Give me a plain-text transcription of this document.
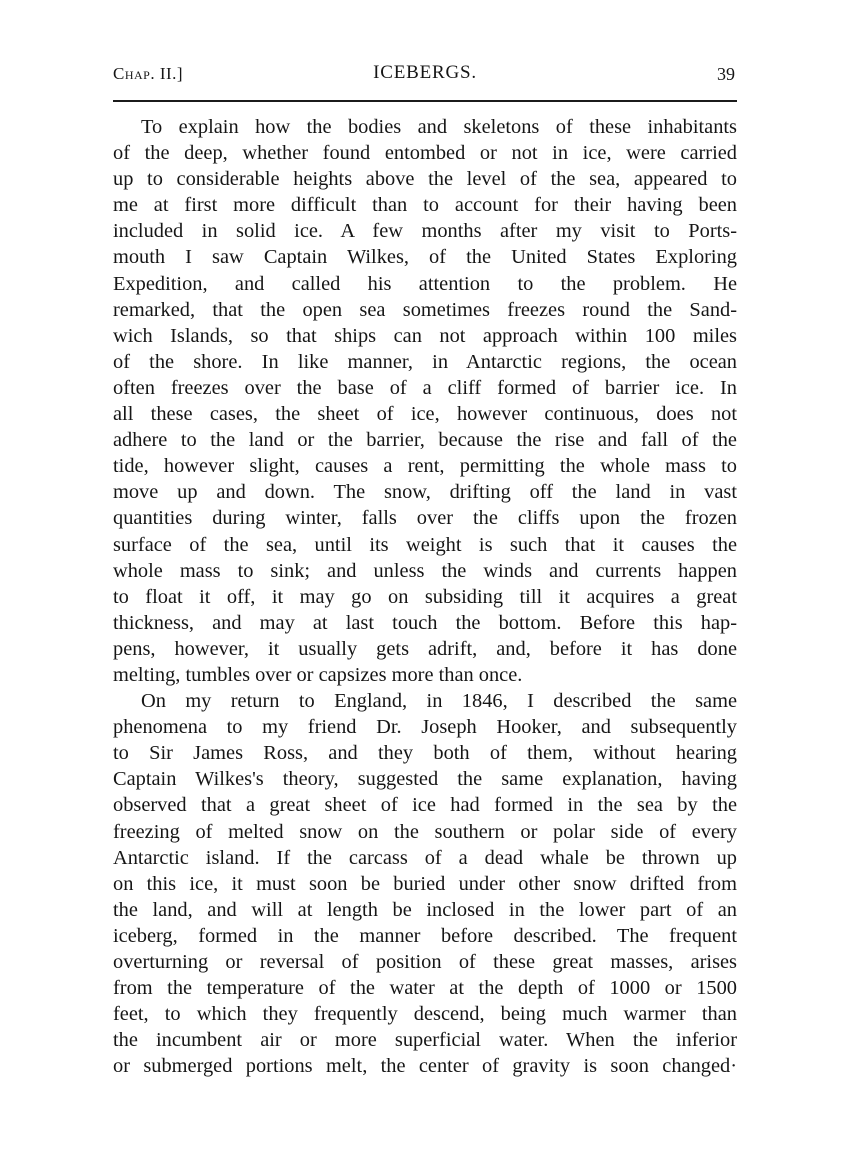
Chap. II.]	ICEBERGS.	39

To explain how the bodies and skeletons of these inhabitants
of the deep, whether found entombed or not in ice, were carried
up to considerable heights above the level of the sea, appeared to
me at first more difficult than to account for their having been
included in solid ice. A few months after my visit to Ports-
mouth I saw Captain Wilkes, of the United States Exploring
Expedition, and called his attention to the problem. He
remarked, that the open sea sometimes freezes round the Sand-
wich Islands, so that ships can not approach within 100 miles
of the shore. In like manner, in Antarctic regions, the ocean
often freezes over the base of a cliff formed of barrier ice. In
all these cases, the sheet of ice, however continuous, does not
adhere to the land or the barrier, because the rise and fall of the
tide, however slight, causes a rent, permitting the whole mass to
move up and down. The snow, drifting off the land in vast
quantities during winter, falls over the cliffs upon the frozen
surface of the sea, until its weight is such that it causes the
whole mass to sink; and unless the winds and currents happen
to float it off, it may go on subsiding till it acquires a great
thickness, and may at last touch the bottom. Before this hap-
pens, however, it usually gets adrift, and, before it has done
melting, tumbles over or capsizes more than once.

On my return to England, in 1846, I described the same
phenomena to my friend Dr. Joseph Hooker, and subsequently
to Sir James Ross, and they both of them, without hearing
Captain Wilkes's theory, suggested the same explanation, having
observed that a great sheet of ice had formed in the sea by the
freezing of melted snow on the southern or polar side of every
Antarctic island. If the carcass of a dead whale be thrown up
on this ice, it must soon be buried under other snow drifted from
the land, and will at length be inclosed in the lower part of an
iceberg, formed in the manner before described. The frequent
overturning or reversal of position of these great masses, arises
from the temperature of the water at the depth of 1000 or 1500
feet, to which they frequently descend, being much warmer than
the incumbent air or more superficial water. When the inferior
or submerged portions melt, the center of gravity is soon changed·
